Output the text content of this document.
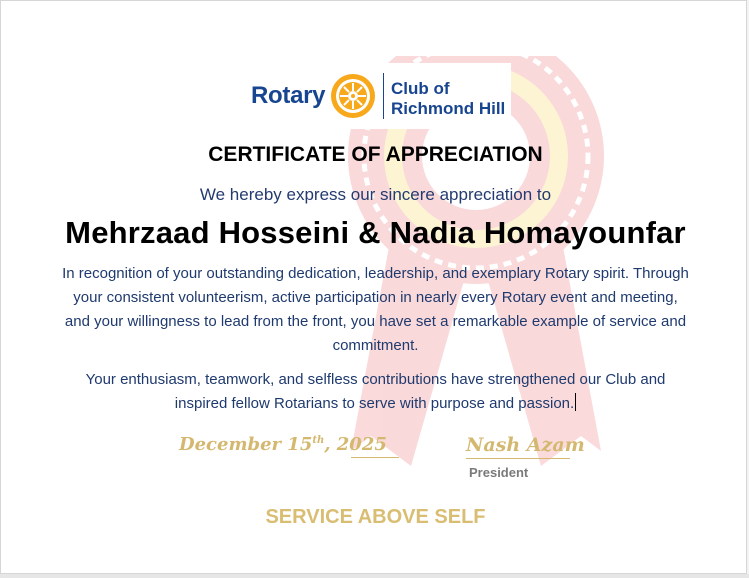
Rotary	Club of
Richmond Hill
CERTIFICATE OF APPRECIATION
We hereby express our sincere appreciation to
Mehrzaad Hosseini & Nadia Homayounfar
In recognition of your outstanding dedication, leadership, and exemplary Rotary spirit. Through your consistent volunteerism, active participation in nearly every Rotary event and meeting, and your willingness to lead from the front, you have set a remarkable example of service and commitment.
Your enthusiasm, teamwork, and selfless contributions have strengthened our Club and inspired fellow Rotarians to serve with purpose and passion.
December 15th, 2025	Nash Azam
President
SERVICE ABOVE SELF
